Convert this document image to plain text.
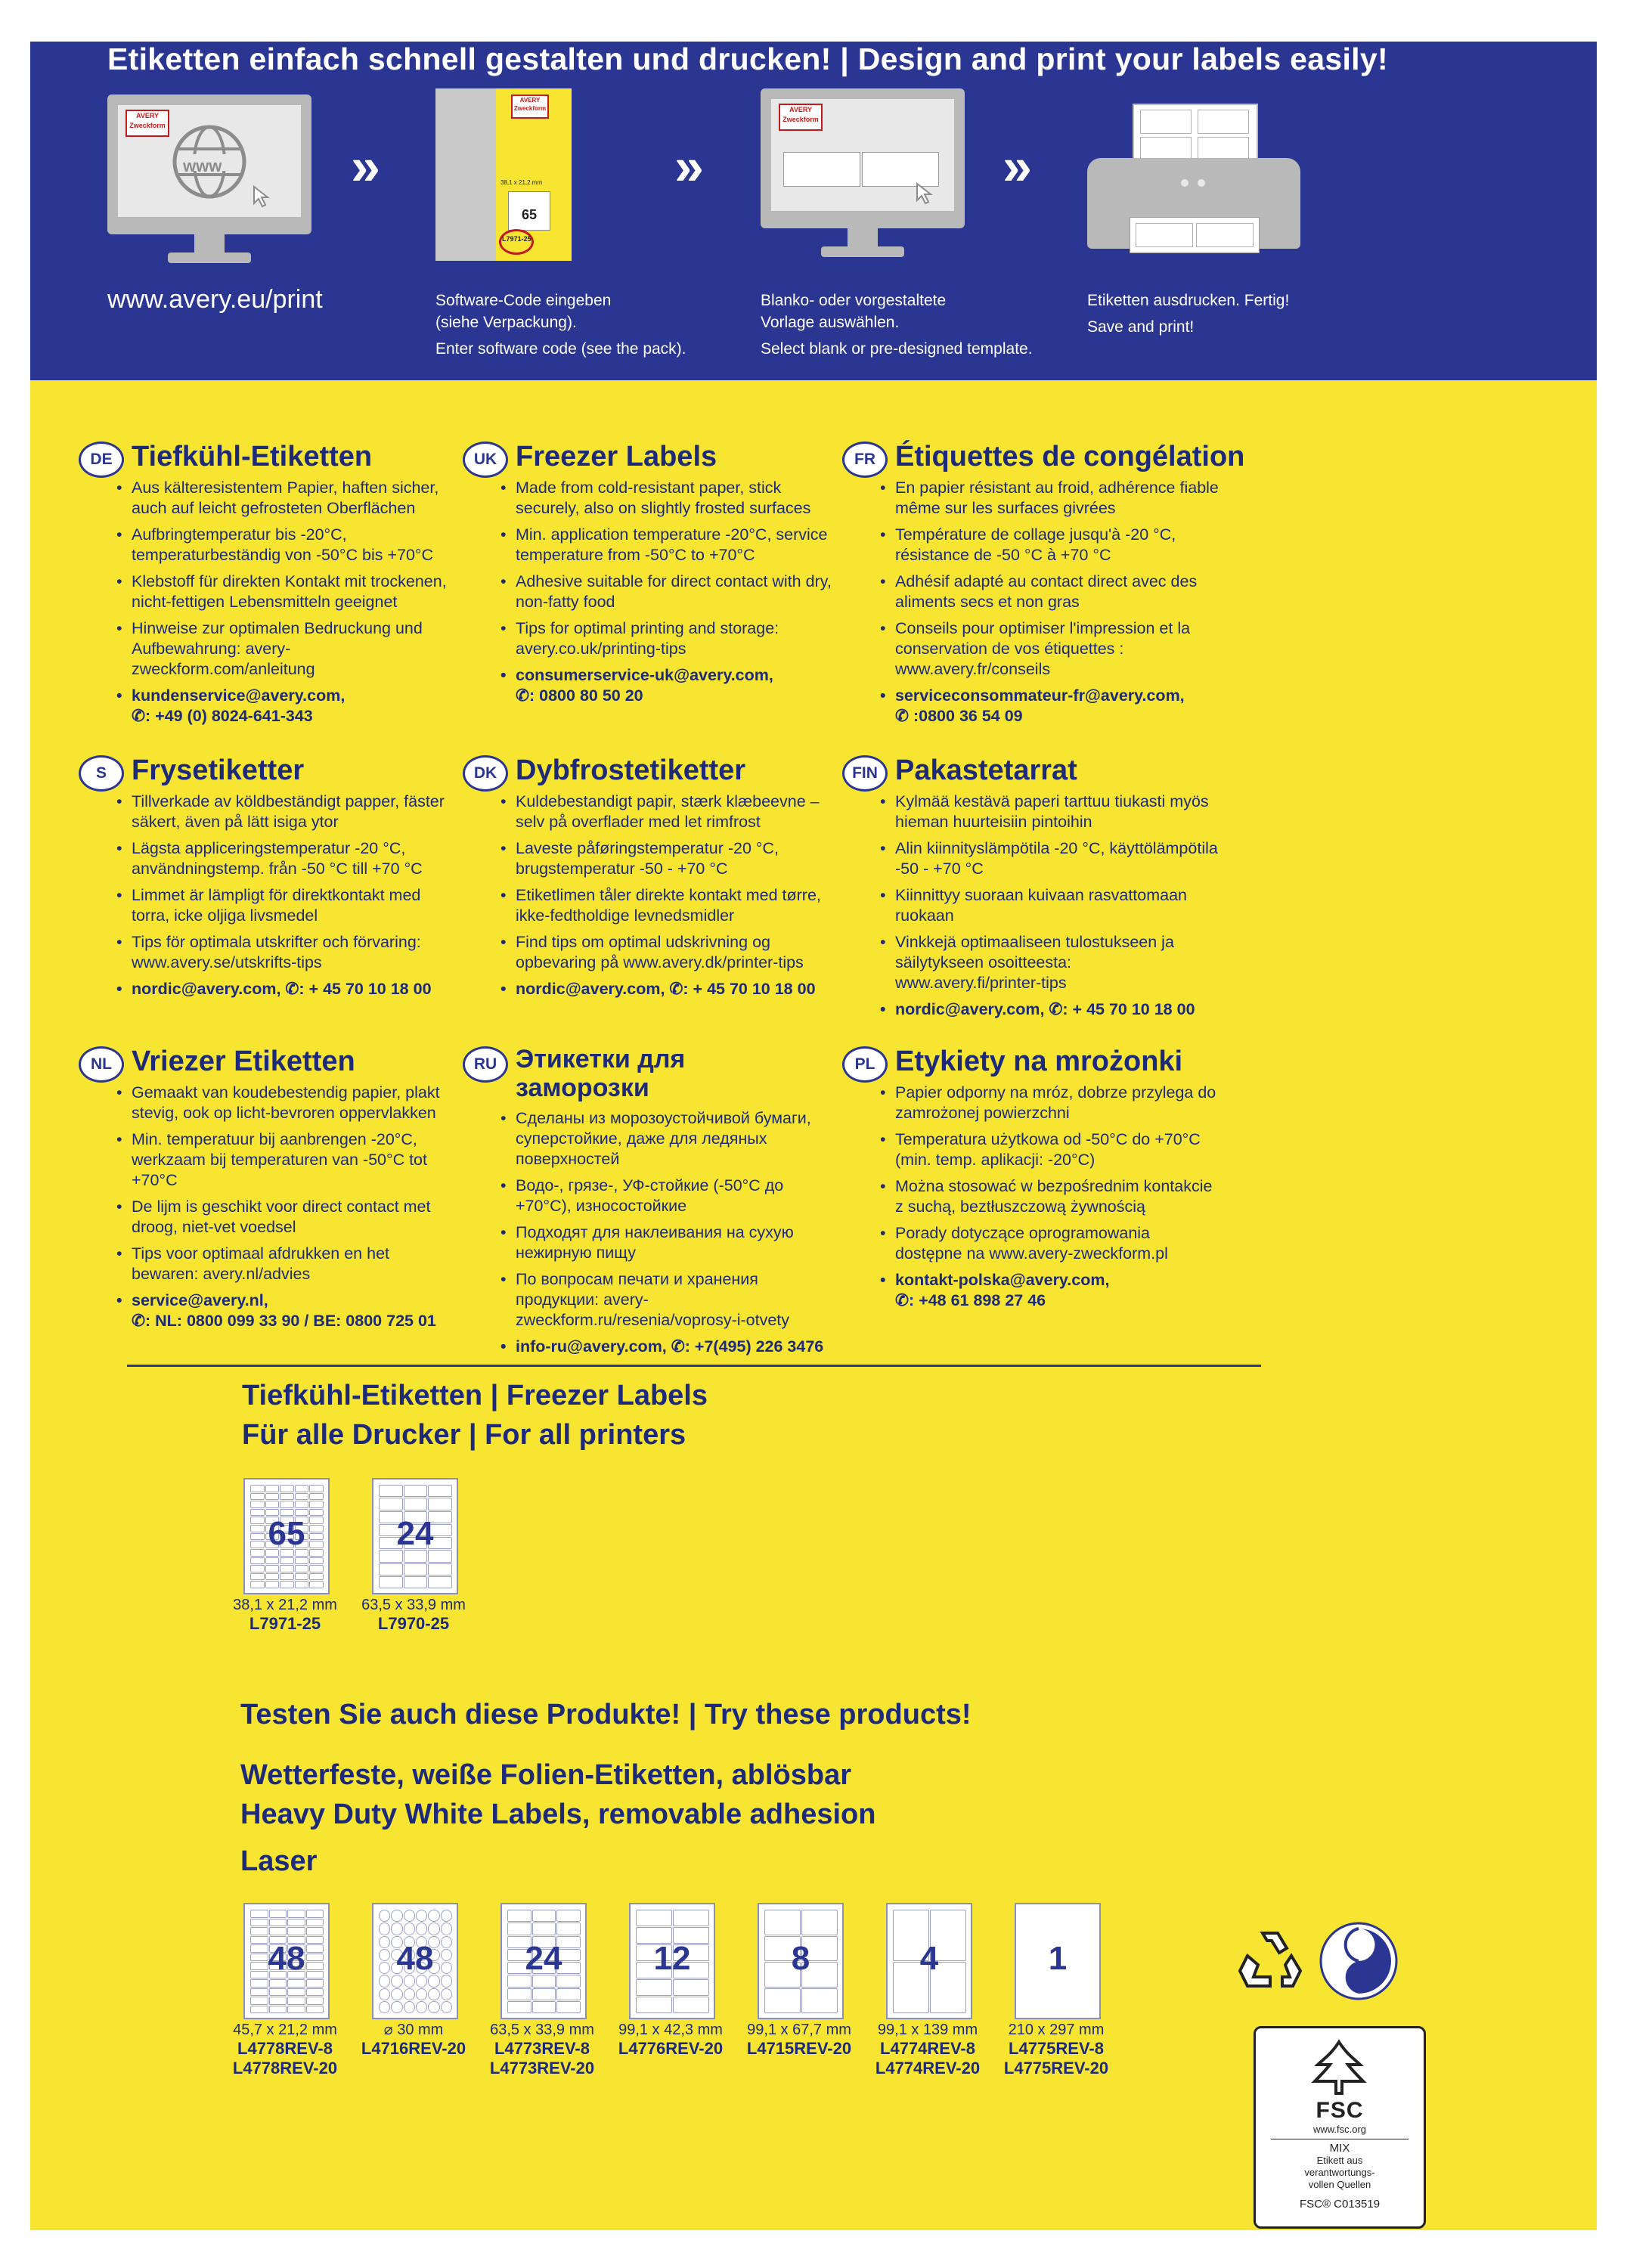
Etiketten einfach schnell gestalten und drucken! | Design and print your labels easily!
AVERY Zweckform
www
www.avery.eu/print
»
AVERY Zweckform
38,1 x 21,2 mm
65
L7971-25
Software-Code eingeben
(siehe Verpackung).
Enter software code (see the pack).
»
AVERY Zweckform
Blanko- oder vorgestaltete
Vorlage auswählen.
Select blank or pre-designed template.
»
Etiketten ausdrucken. Fertig!
Save and print!
DE Tiefkühl-Etiketten
• Aus kälteresistentem Papier, haften sicher, auch auf leicht gefrosteten Oberflächen
• Aufbringtemperatur bis -20°C, temperaturbeständig von -50°C bis +70°C
• Klebstoff für direkten Kontakt mit trockenen, nicht-fettigen Lebensmitteln geeignet
• Hinweise zur optimalen Bedruckung und Aufbewahrung: avery-zweckform.com/anleitung
• kundenservice@avery.com,
✆: +49 (0) 8024-641-343
UK Freezer Labels
• Made from cold-resistant paper, stick securely, also on slightly frosted surfaces
• Min. application temperature -20°C, service temperature from -50°C to +70°C
• Adhesive suitable for direct contact with dry, non-fatty food
• Tips for optimal printing and storage: avery.co.uk/printing-tips
• consumerservice-uk@avery.com,
✆: 0800 80 50 20
FR Étiquettes de congélation
• En papier résistant au froid, adhérence fiable même sur les surfaces givrées
• Température de collage jusqu'à -20 °C, résistance de -50 °C à +70 °C
• Adhésif adapté au contact direct avec des aliments secs et non gras
• Conseils pour optimiser l'impression et la conservation de vos étiquettes : www.avery.fr/conseils
• serviceconsommateur-fr@avery.com,
✆ :0800 36 54 09
S Frysetiketter
• Tillverkade av köldbeständigt papper, fäster säkert, även på lätt isiga ytor
• Lägsta appliceringstemperatur -20 °C, användningstemp. från -50 °C till +70 °C
• Limmet är lämpligt för direktkontakt med torra, icke oljiga livsmedel
• Tips för optimala utskrifter och förvaring: www.avery.se/utskrifts-tips
• nordic@avery.com, ✆: + 45 70 10 18 00
DK Dybfrostetiketter
• Kuldebestandigt papir, stærk klæbeevne – selv på overflader med let rimfrost
• Laveste påføringstemperatur -20 °C, brugstemperatur -50 - +70 °C
• Etiketlimen tåler direkte kontakt med tørre, ikke-fedtholdige levnedsmidler
• Find tips om optimal udskrivning og opbevaring på www.avery.dk/printer-tips
• nordic@avery.com, ✆: + 45 70 10 18 00
FIN Pakastetarrat
• Kylmää kestävä paperi tarttuu tiukasti myös hieman huurteisiin pintoihin
• Alin kiinnityslämpötila -20 °C, käyttölämpötila -50 - +70 °C
• Kiinnittyy suoraan kuivaan rasvattomaan ruokaan
• Vinkkejä optimaaliseen tulostukseen ja säilytykseen osoitteesta: www.avery.fi/printer-tips
• nordic@avery.com, ✆: + 45 70 10 18 00
NL Vriezer Etiketten
• Gemaakt van koudebestendig papier, plakt stevig, ook op licht-bevroren oppervlakken
• Min. temperatuur bij aanbrengen -20°C, werkzaam bij temperaturen van -50°C tot +70°C
• De lijm is geschikt voor direct contact met droog, niet-vet voedsel
• Tips voor optimaal afdrukken en het bewaren: avery.nl/advies
• service@avery.nl,
✆: NL: 0800 099 33 90 / BE: 0800 725 01
RU Этикетки для заморозки
• Сделаны из морозоустойчивой бумаги, суперстойкие, даже для ледяных поверхностей
• Водо-, грязе-, УФ-стойкие (-50°C до +70°C), износостойкие
• Подходят для наклеивания на сухую нежирную пищу
• По вопросам печати и хранения продукции: avery-zweckform.ru/resenia/voprosy-i-otvety
• info-ru@avery.com, ✆: +7(495) 226 3476
PL Etykiety na mrożonki
• Papier odporny na mróz, dobrze przylega do zamrożonej powierzchni
• Temperatura użytkowa od -50°C do +70°C (min. temp. aplikacji: -20°C)
• Można stosować w bezpośrednim kontakcie z suchą, beztłuszczową żywnością
• Porady dotyczące oprogramowania dostępne na www.avery-zweckform.pl
• kontakt-polska@avery.com,
✆: +48 61 898 27 46
Tiefkühl-Etiketten | Freezer Labels
Für alle Drucker | For all printers
65
38,1 x 21,2 mm
L7971-25
24
63,5 x 33,9 mm
L7970-25
Testen Sie auch diese Produkte! | Try these products!
Wetterfeste, weiße Folien-Etiketten, ablösbar
Heavy Duty White Labels, removable adhesion
Laser
48
45,7 x 21,2 mm
L4778REV-8
L4778REV-20
48
⌀ 30 mm
L4716REV-20
24
63,5 x 33,9 mm
L4773REV-8
L4773REV-20
12
99,1 x 42,3 mm
L4776REV-20
8
99,1 x 67,7 mm
L4715REV-20
4
99,1 x 139 mm
L4774REV-8
L4774REV-20
1
210 x 297 mm
L4775REV-8
L4775REV-20
FSC
www.fsc.org
MIX
Etikett aus
verantwortungs-
vollen Quellen
FSC® C013519
